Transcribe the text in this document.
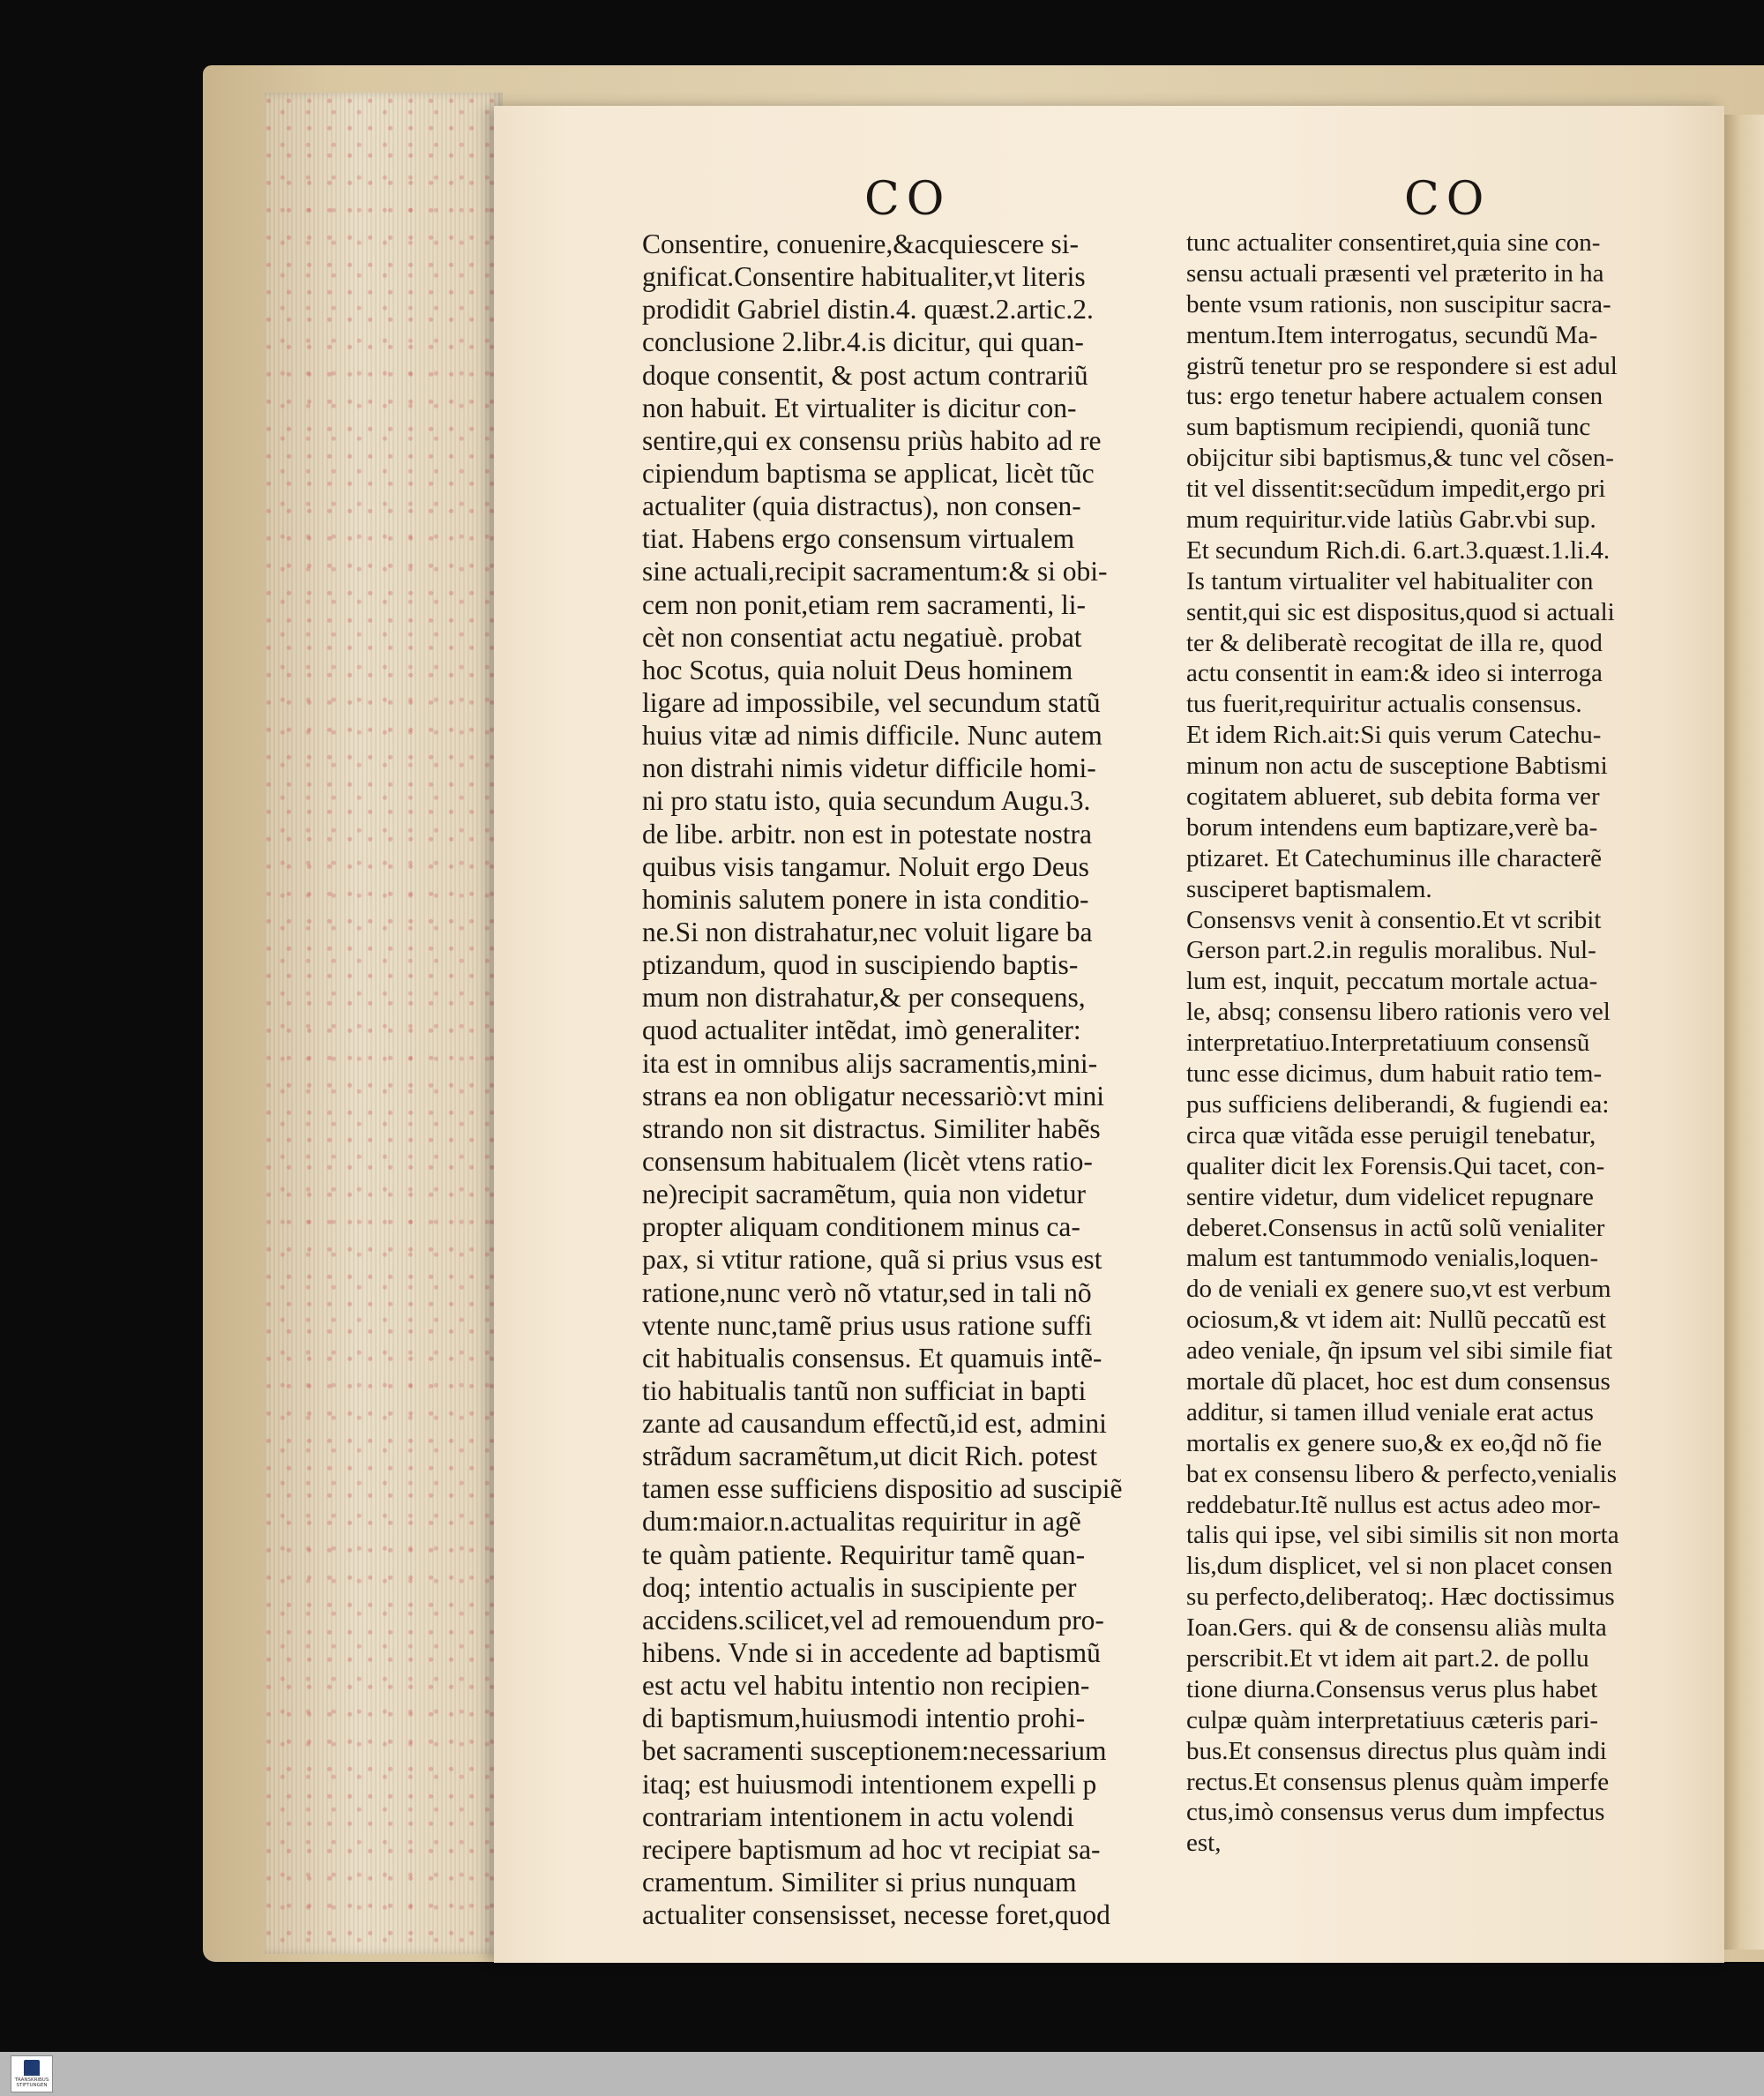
CO	CO
Consentire, conuenire,&acquiescere si-
gnificat.Consentire habitualiter,vt literis
prodidit Gabriel distin.4. quæst.2.artic.2.
conclusione 2.libr.4.is dicitur, qui quan-
doque consentit, & post actum contrariũ
non habuit. Et virtualiter is dicitur con-
sentire,qui ex consensu priùs habito ad re
cipiendum baptisma se applicat, licèt tũc
actualiter (quia distractus), non consen-
tiat. Habens ergo consensum virtualem
sine actuali,recipit sacramentum:& si obi-
cem non ponit,etiam rem sacramenti, li-
cèt non consentiat actu negatiuè. probat
hoc Scotus, quia noluit Deus hominem
ligare ad impossibile, vel secundum statũ
huius vitæ ad nimis difficile. Nunc autem
non distrahi nimis videtur difficile homi-
ni pro statu isto, quia secundum Augu.3.
de libe. arbitr. non est in potestate nostra
quibus visis tangamur. Noluit ergo Deus
hominis salutem ponere in ista conditio-
ne.Si non distrahatur,nec voluit ligare ba
ptizandum, quod in suscipiendo baptis-
mum non distrahatur,& per consequens,
quod actualiter intẽdat, imò generaliter:
ita est in omnibus alijs sacramentis,mini-
strans ea non obligatur necessariò:vt mini
strando non sit distractus. Similiter habẽs
consensum habitualem (licèt vtens ratio-
ne)recipit sacramẽtum, quia non videtur
propter aliquam conditionem minus ca-
pax, si vtitur ratione, quã si prius vsus est
ratione,nunc verò nõ vtatur,sed in tali nõ
vtente nunc,tamẽ prius usus ratione suffi
cit habitualis consensus. Et quamuis intẽ-
tio habitualis tantũ non sufficiat in bapti
zante ad causandum effectũ,id est, admini
strãdum sacramẽtum,ut dicit Rich. potest
tamen esse sufficiens dispositio ad suscipiẽ
dum:maior.n.actualitas requiritur in agẽ
te quàm patiente. Requiritur tamẽ quan-
doq; intentio actualis in suscipiente per
accidens.scilicet,vel ad remouendum pro-
hibens. Vnde si in accedente ad baptismũ
est actu vel habitu intentio non recipien-
di baptismum,huiusmodi intentio prohi-
bet sacramenti susceptionem:necessarium
itaq; est huiusmodi intentionem expelli p
contrariam intentionem in actu volendi
recipere baptismum ad hoc vt recipiat sa-
cramentum. Similiter si prius nunquam
actualiter consensisset, necesse foret,quod
tunc actualiter consentiret,quia sine con-
sensu actuali præsenti vel præterito in ha
bente vsum rationis, non suscipitur sacra-
mentum.Item interrogatus, secundũ Ma-
gistrũ tenetur pro se respondere si est adul
tus: ergo tenetur habere actualem consen
sum baptismum recipiendi, quoniã tunc
obijcitur sibi baptismus,& tunc vel cõsen-
tit vel dissentit:secũdum impedit,ergo pri
mum requiritur.vide latiùs Gabr.vbi sup.
Et secundum Rich.di. 6.art.3.quæst.1.li.4.
Is tantum virtualiter vel habitualiter con
sentit,qui sic est dispositus,quod si actuali
ter & deliberatè recogitat de illa re, quod
actu consentit in eam:& ideo si interroga
tus fuerit,requiritur actualis consensus.
Et idem Rich.ait:Si quis verum Catechu-
minum non actu de susceptione Babtismi
cogitatem ablueret, sub debita forma ver
borum intendens eum baptizare,verè ba-
ptizaret. Et Catechuminus ille characterẽ
susciperet baptismalem.
Consensvs venit à consentio.Et vt scribit
Gerson part.2.in regulis moralibus. Nul-
lum est, inquit, peccatum mortale actua-
le, absq; consensu libero rationis vero vel
interpretatiuo.Interpretatiuum consensũ
tunc esse dicimus, dum habuit ratio tem-
pus sufficiens deliberandi, & fugiendi ea:
circa quæ vitãda esse peruigil tenebatur,
qualiter dicit lex Forensis.Qui tacet, con-
sentire videtur, dum videlicet repugnare
deberet.Consensus in actũ solũ venialiter
malum est tantummodo venialis,loquen-
do de veniali ex genere suo,vt est verbum
ociosum,& vt idem ait: Nullũ peccatũ est
adeo veniale, q̃n ipsum vel sibi simile fiat
mortale dũ placet, hoc est dum consensus
additur, si tamen illud veniale erat actus
mortalis ex genere suo,& ex eo,q̃d nõ fie
bat ex consensu libero & perfecto,venialis
reddebatur.Itẽ nullus est actus adeo mor-
talis qui ipse, vel sibi similis sit non morta
lis,dum displicet, vel si non placet consen
su perfecto,deliberatoq;. Hæc doctissimus
Ioan.Gers. qui & de consensu aliàs multa
perscribit.Et vt idem ait part.2. de pollu
tione diurna.Consensus verus plus habet
culpæ quàm interpretatiuus cæteris pari-
bus.Et consensus directus plus quàm indi
rectus.Et consensus plenus quàm imperfe
ctus,imò consensus verus dum impfectus
est,
TRANSKRIBUS STIFTUNGEN
